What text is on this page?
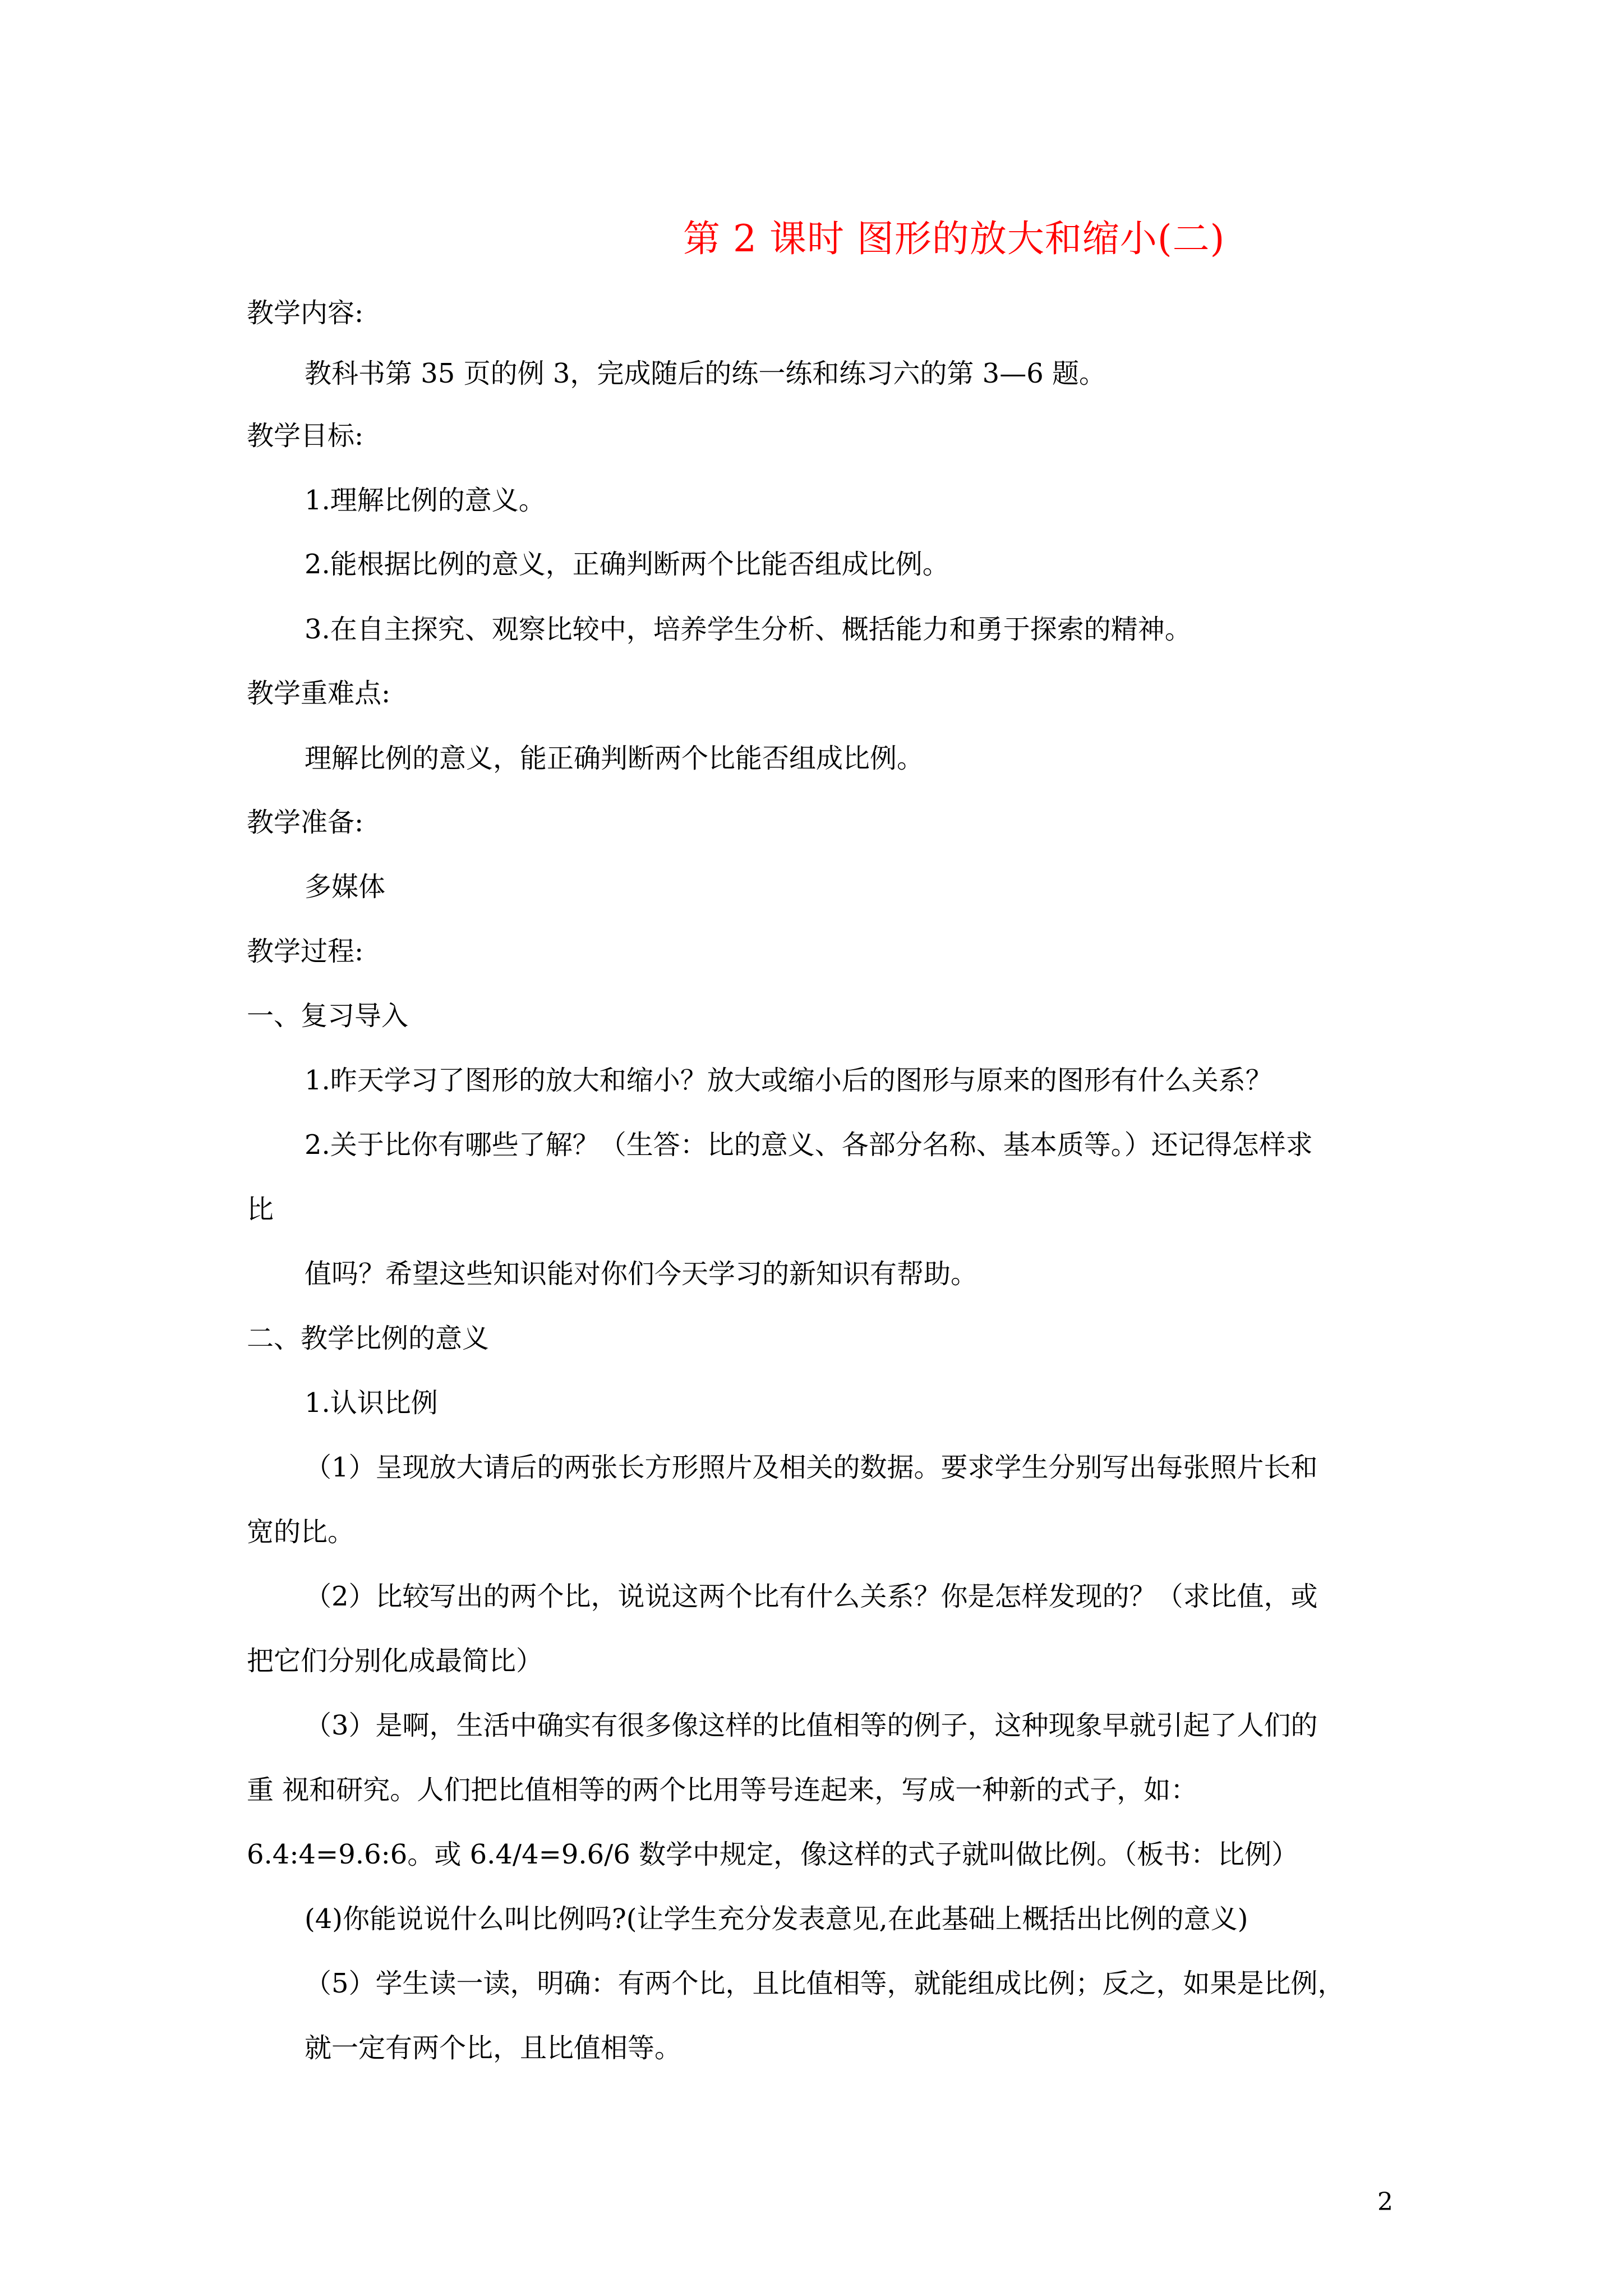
第 2 课时 图形的放大和缩小(二)
教学内容:
教科书第 35 页的例 3，完成随后的练一练和练习六的第 3—6 题。
教学目标:
1.理解比例的意义。
2.能根据比例的意义，正确判断两个比能否组成比例。
3.在自主探究、观察比较中，培养学生分析、概括能力和勇于探索的精神。
教学重难点:
理解比例的意义，能正确判断两个比能否组成比例。
教学准备:
多媒体
教学过程:
一、复习导入
1.昨天学习了图形的放大和缩小？放大或缩小后的图形与原来的图形有什么关系？
2.关于比你有哪些了解？（生答：比的意义、各部分名称、基本质等。）还记得怎样求
比
值吗？希望这些知识能对你们今天学习的新知识有帮助。
二、教学比例的意义
1.认识比例
（1）呈现放大请后的两张长方形照片及相关的数据。要求学生分别写出每张照片长和
宽的比。
（2）比较写出的两个比，说说这两个比有什么关系？你是怎样发现的？（求比值，或
把它们分别化成最简比）
（3）是啊，生活中确实有很多像这样的比值相等的例子，这种现象早就引起了人们的
重 视和研究。人们把比值相等的两个比用等号连起来，写成一种新的式子，如：
6.4:4=9.6:6。或 6.4/4=9.6/6 数学中规定，像这样的式子就叫做比例。（板书：比例）
(4)你能说说什么叫比例吗?(让学生充分发表意见,在此基础上概括出比例的意义)
（5）学生读一读，明确：有两个比，且比值相等，就能组成比例；反之，如果是比例，
就一定有两个比，且比值相等。
2
